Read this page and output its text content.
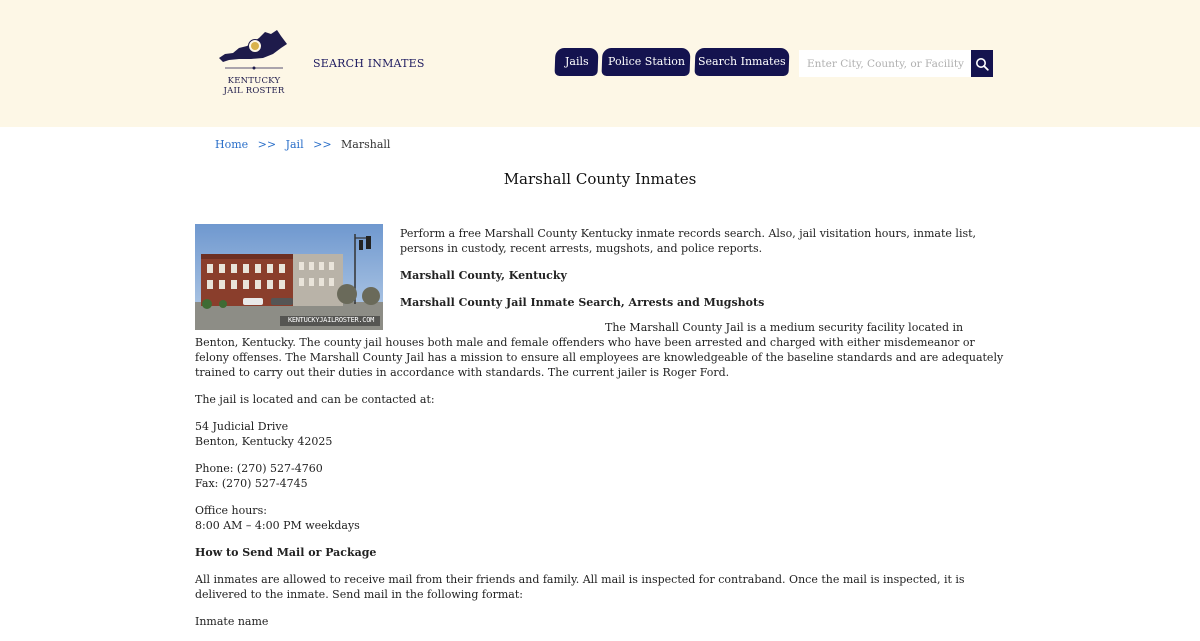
KENTUCKY
JAIL ROSTER
SEARCH INMATES	Jails	Police Station	Search Inmates
Enter City, County, or Facility
Home >> Jail >> Marshall
Marshall County Inmates
KENTUCKYJAILROSTER.COM

Perform a free Marshall County Kentucky inmate records search. Also, jail visitation hours, inmate list, persons in custody, recent arrests, mugshots, and police reports.

Marshall County, Kentucky

Marshall County Jail Inmate Search, Arrests and Mugshots

The Marshall County Jail is a medium security facility located in Benton, Kentucky. The county jail houses both male and female offenders who have been arrested and charged with either misdemeanor or felony offenses. The Marshall County Jail has a mission to ensure all employees are knowledgeable of the baseline standards and are adequately trained to carry out their duties in accordance with standards. The current jailer is Roger Ford.

The jail is located and can be contacted at:

54 Judicial Drive
Benton, Kentucky 42025

Phone: (270) 527-4760
Fax: (270) 527-4745

Office hours:
8:00 AM – 4:00 PM weekdays

How to Send Mail or Package

All inmates are allowed to receive mail from their friends and family. All mail is inspected for contraband. Once the mail is inspected, it is delivered to the inmate. Send mail in the following format:

Inmate name
